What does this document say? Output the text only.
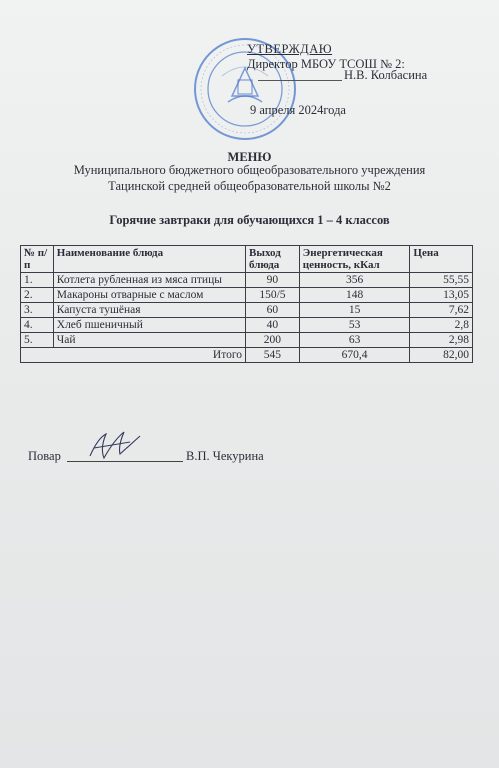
УТВЕРЖДАЮ
Директор МБОУ ТСОШ № 2:
Н.В. Колбасина
9 апреля 2024года
МЕНЮ
Муниципального бюджетного общеобразовательного учреждения
Тацинской средней общеобразовательной школы №2
Горячие завтраки для обучающихся 1 – 4 классов
№ п/п	Наименование блюда	Выход блюда	Энергетическая ценность, кКал	Цена
1.	Котлета рубленная из мяса птицы	90	356	55,55
2.	Макароны отварные с маслом	150/5	148	13,05
3.	Капуста тушёная	60	15	7,62
4.	Хлеб пшеничный	40	53	2,8
5.	Чай	200	63	2,98
Итого		545	670,4	82,00
Повар	В.П. Чекурина
